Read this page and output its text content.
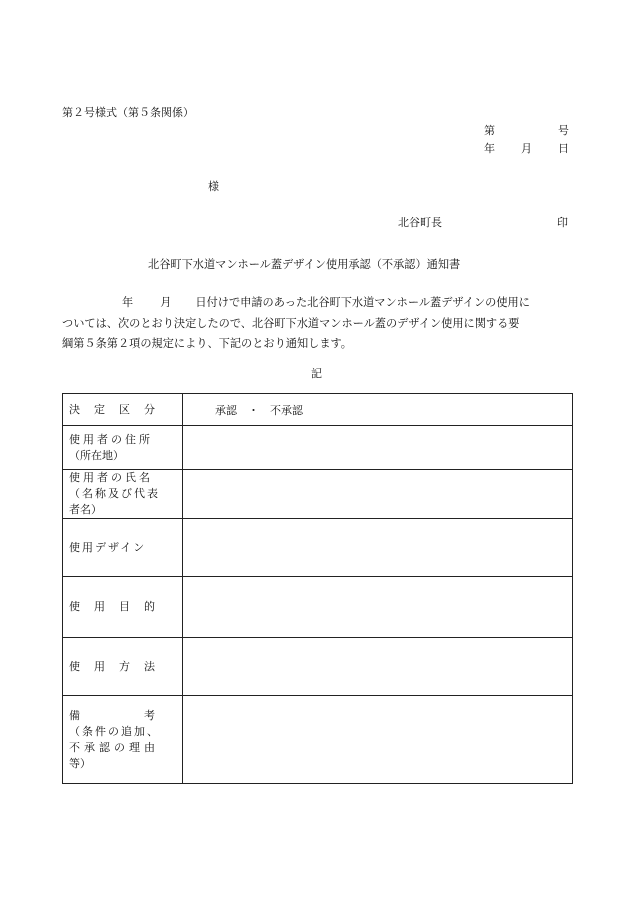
第２号様式（第５条関係）
第	号
年 月 日
様
北谷町長	印
北谷町下水道マンホール蓋デザイン使用承認（不承認）通知書
年 月 日付けで申請のあった北谷町下水道マンホール蓋デザインの使用に
ついては、次のとおり決定したので、北谷町下水道マンホール蓋のデザイン使用に関する要
綱第５条第２項の規定により、下記のとおり通知します。
記
決 定 区 分	承認　・　不承認

使用者の住所
（所在地）	

使用者の氏名
（名称及び代表
者名）	

使用デザイン	

使 用 目 的	

使 用 方 法	

備 考
（条件の追加、
不承認の理由
等）	
